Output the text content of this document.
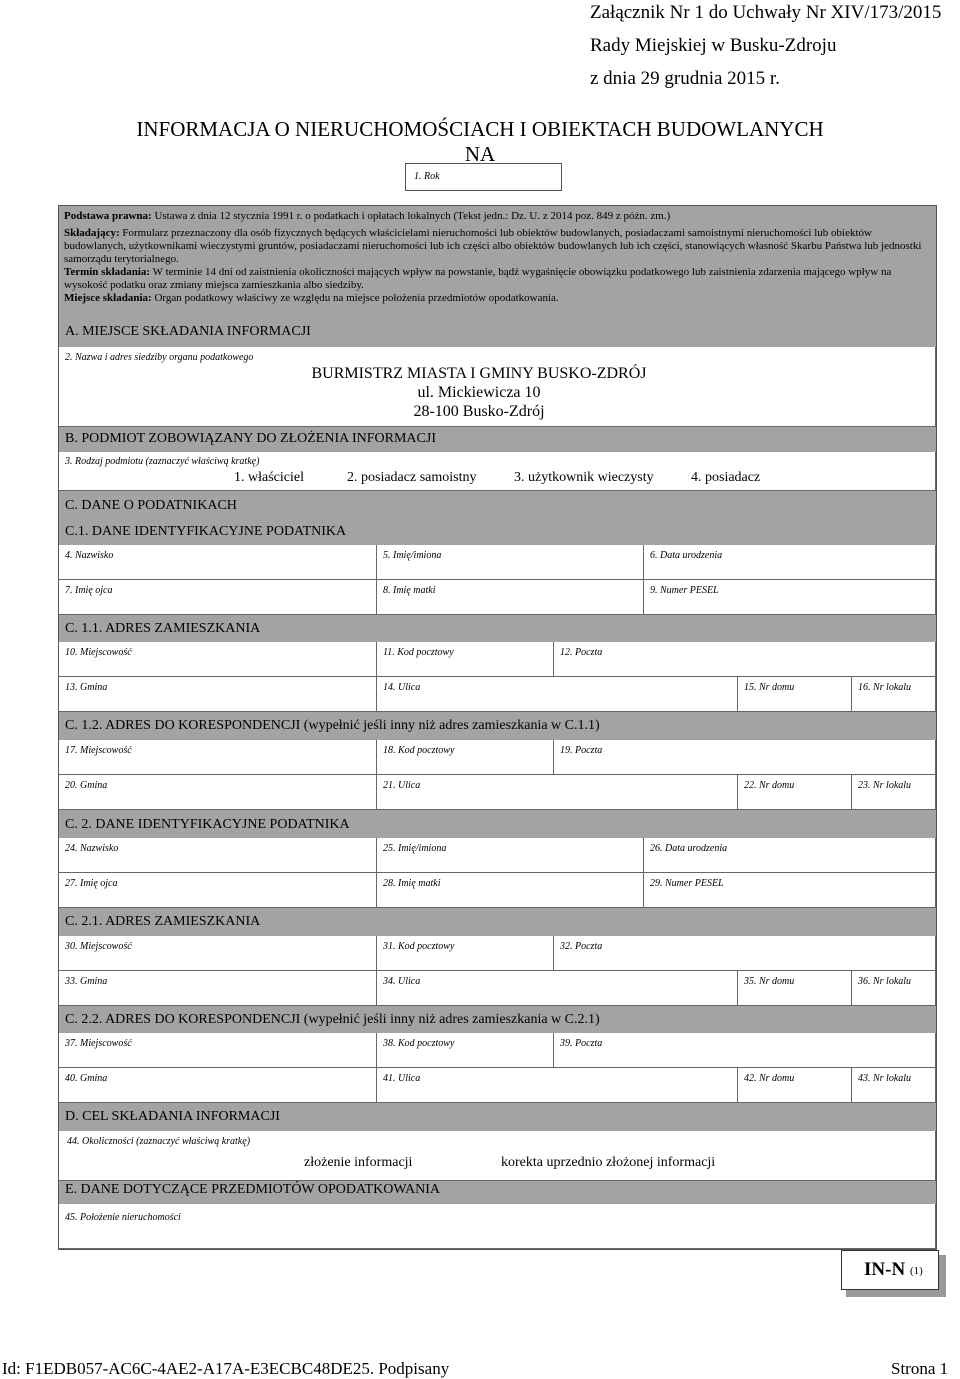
Załącznik Nr 1 do Uchwały Nr XIV/173/2015
Rady Miejskiej w Busku-Zdroju
z dnia 29 grudnia 2015 r.
INFORMACJA O NIERUCHOMOŚCIACH I OBIEKTACH BUDOWLANYCH
NA
1. Rok
Podstawa prawna: Ustawa z dnia 12 stycznia 1991 r. o podatkach i opłatach lokalnych (Tekst jedn.: Dz. U. z 2014 poz. 849 z późn. zm.)
Składający: Formularz przeznaczony dla osób fizycznych będących właścicielami nieruchomości lub obiektów budowlanych, posiadaczami samoistnymi nieruchomości lub obiektów budowlanych, użytkownikami wieczystymi gruntów, posiadaczami nieruchomości lub ich części albo obiektów budowlanych lub ich części, stanowiących własność Skarbu Państwa lub jednostki samorządu terytorialnego.
Termin składania: W terminie 14 dni od zaistnienia okoliczności mających wpływ na powstanie, bądź wygaśnięcie obowiązku podatkowego lub zaistnienia zdarzenia mającego wpływ na wysokość podatku oraz zmiany miejsca zamieszkania albo siedziby.
Miejsce składania: Organ podatkowy właściwy ze względu na miejsce położenia przedmiotów opodatkowania.
A. MIEJSCE SKŁADANIA INFORMACJI
2. Nazwa i adres siedziby organu podatkowego
BURMISTRZ MIASTA I GMINY BUSKO-ZDRÓJ
ul. Mickiewicza 10
28-100 Busko-Zdrój
B. PODMIOT ZOBOWIĄZANY DO ZŁOŻENIA INFORMACJI
3. Rodzaj podmiotu (zaznaczyć właściwą kratkę)
1. właściciel	2. posiadacz samoistny	3. użytkownik wieczysty	4. posiadacz
C. DANE O PODATNIKACH
C.1. DANE IDENTYFIKACYJNE PODATNIKA
4. Nazwisko	5. Imię/imiona	6. Data urodzenia
7. Imię ojca	8. Imię matki	9. Numer PESEL
C. 1.1. ADRES ZAMIESZKANIA
10. Miejscowość	11. Kod pocztowy	12. Poczta
13. Gmina	14. Ulica	15. Nr domu	16. Nr lokalu
C. 1.2. ADRES DO KORESPONDENCJI (wypełnić jeśli inny niż adres zamieszkania w C.1.1)
17. Miejscowość	18. Kod pocztowy	19. Poczta
20. Gmina	21. Ulica	22. Nr domu	23. Nr lokalu
C. 2. DANE IDENTYFIKACYJNE PODATNIKA
24. Nazwisko	25. Imię/imiona	26. Data urodzenia
27. Imię ojca	28. Imię matki	29. Numer PESEL
C. 2.1. ADRES ZAMIESZKANIA
30. Miejscowość	31. Kod pocztowy	32. Poczta
33. Gmina	34. Ulica	35. Nr domu	36. Nr lokalu
C. 2.2. ADRES DO KORESPONDENCJI (wypełnić jeśli inny niż adres zamieszkania w C.2.1)
37. Miejscowość	38. Kod pocztowy	39. Poczta
40. Gmina	41. Ulica	42. Nr domu	43. Nr lokalu
D. CEL SKŁADANIA INFORMACJI
44. Okoliczności (zaznaczyć właściwą kratkę)
złożenie informacji	korekta uprzednio złożonej informacji
E. DANE DOTYCZĄCE PRZEDMIOTÓW OPODATKOWANIA
45. Położenie nieruchomości
IN-N (1)
Id: F1EDB057-AC6C-4AE2-A17A-E3ECBC48DE25. Podpisany	Strona 1
